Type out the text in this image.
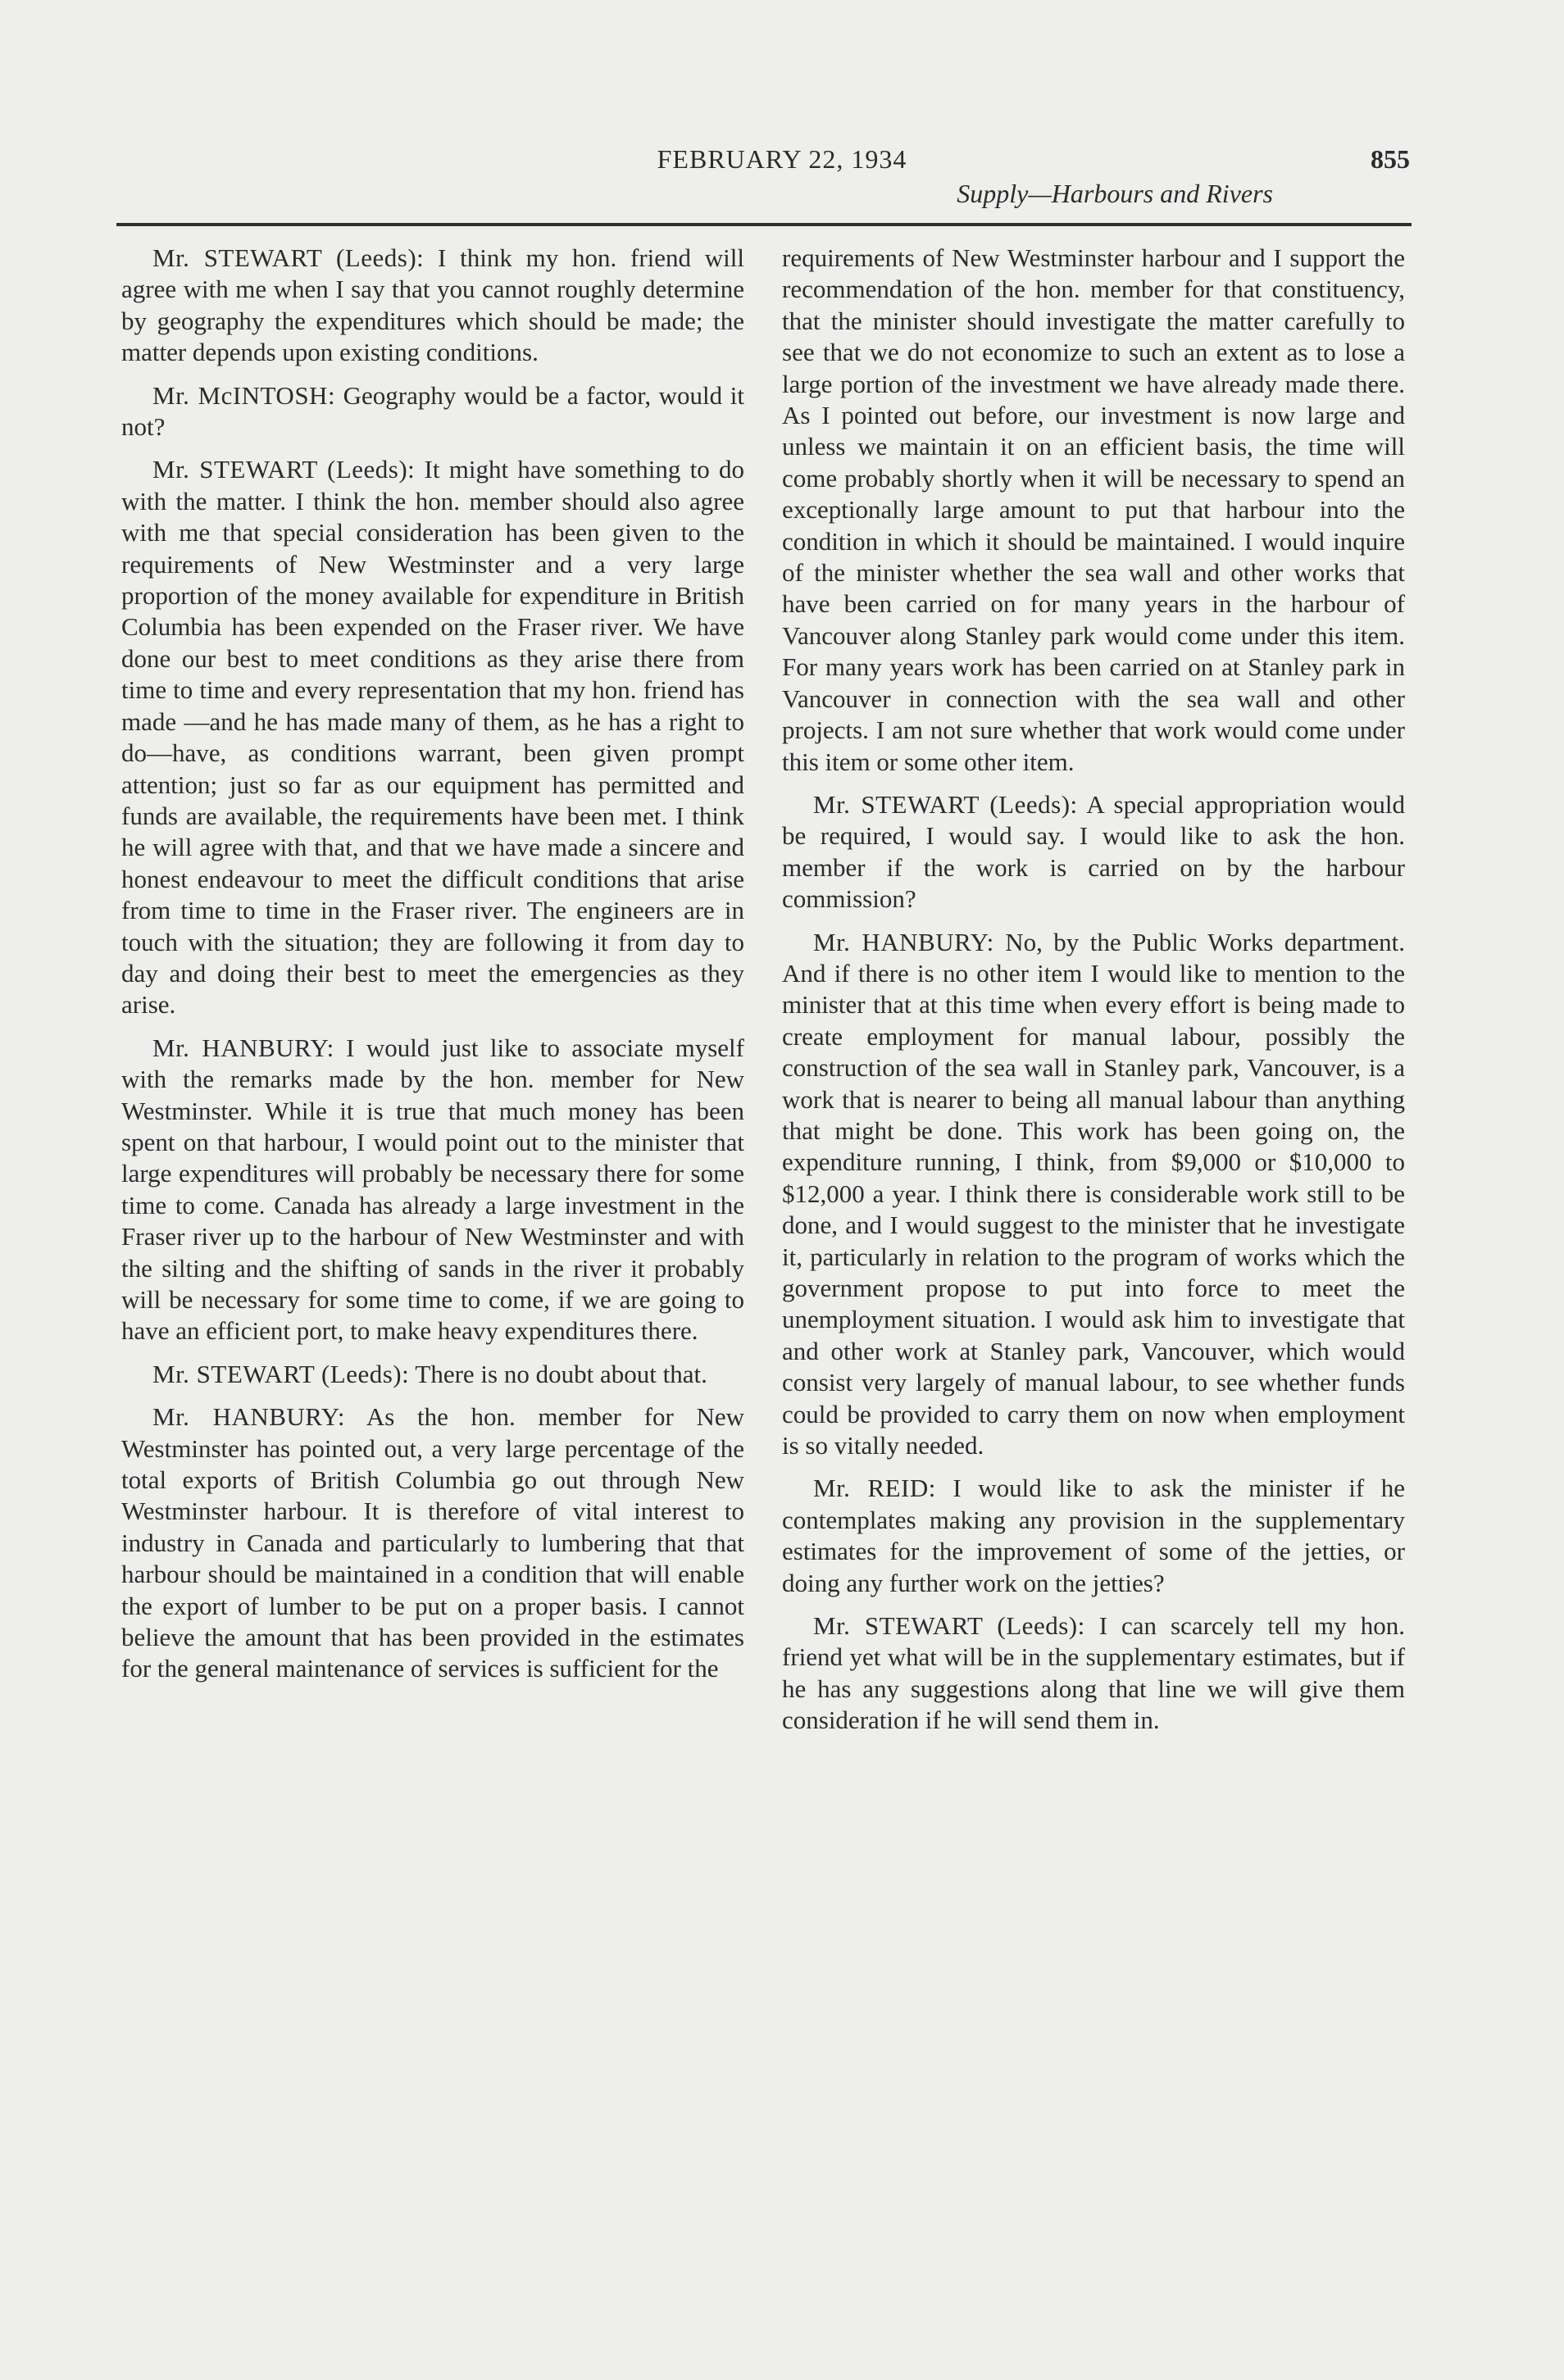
FEBRUARY 22, 1934	855
Supply—Harbours and Rivers

Mr. STEWART (Leeds): I think my hon. friend will agree with me when I say that you cannot roughly determine by geography the expenditures which should be made; the matter depends upon existing conditions.

Mr. McINTOSH: Geography would be a factor, would it not?

Mr. STEWART (Leeds): It might have something to do with the matter. I think the hon. member should also agree with me that special consideration has been given to the requirements of New Westminster and a very large proportion of the money available for expenditure in British Columbia has been expended on the Fraser river. We have done our best to meet conditions as they arise there from time to time and every representation that my hon. friend has made —and he has made many of them, as he has a right to do—have, as conditions warrant, been given prompt attention; just so far as our equipment has permitted and funds are available, the requirements have been met. I think he will agree with that, and that we have made a sincere and honest endeavour to meet the difficult conditions that arise from time to time in the Fraser river. The engineers are in touch with the situation; they are following it from day to day and doing their best to meet the emergencies as they arise.

Mr. HANBURY: I would just like to associate myself with the remarks made by the hon. member for New Westminster. While it is true that much money has been spent on that harbour, I would point out to the minister that large expenditures will probably be necessary there for some time to come. Canada has already a large investment in the Fraser river up to the harbour of New Westminster and with the silting and the shifting of sands in the river it probably will be necessary for some time to come, if we are going to have an efficient port, to make heavy expenditures there.

Mr. STEWART (Leeds): There is no doubt about that.

Mr. HANBURY: As the hon. member for New Westminster has pointed out, a very large percentage of the total exports of British Columbia go out through New Westminster harbour. It is therefore of vital interest to industry in Canada and particularly to lumbering that that harbour should be maintained in a condition that will enable the export of lumber to be put on a proper basis. I cannot believe the amount that has been provided in the estimates for the general maintenance of services is sufficient for the

requirements of New Westminster harbour and I support the recommendation of the hon. member for that constituency, that the minister should investigate the matter carefully to see that we do not economize to such an extent as to lose a large portion of the investment we have already made there. As I pointed out before, our investment is now large and unless we maintain it on an efficient basis, the time will come probably shortly when it will be necessary to spend an exceptionally large amount to put that harbour into the condition in which it should be maintained. I would inquire of the minister whether the sea wall and other works that have been carried on for many years in the harbour of Vancouver along Stanley park would come under this item. For many years work has been carried on at Stanley park in Vancouver in connection with the sea wall and other projects. I am not sure whether that work would come under this item or some other item.

Mr. STEWART (Leeds): A special appropriation would be required, I would say. I would like to ask the hon. member if the work is carried on by the harbour commission?

Mr. HANBURY: No, by the Public Works department. And if there is no other item I would like to mention to the minister that at this time when every effort is being made to create employment for manual labour, possibly the construction of the sea wall in Stanley park, Vancouver, is a work that is nearer to being all manual labour than anything that might be done. This work has been going on, the expenditure running, I think, from $9,000 or $10,000 to $12,000 a year. I think there is considerable work still to be done, and I would suggest to the minister that he investigate it, particularly in relation to the program of works which the government propose to put into force to meet the unemployment situation. I would ask him to investigate that and other work at Stanley park, Vancouver, which would consist very largely of manual labour, to see whether funds could be provided to carry them on now when employment is so vitally needed.

Mr. REID: I would like to ask the minister if he contemplates making any provision in the supplementary estimates for the improvement of some of the jetties, or doing any further work on the jetties?

Mr. STEWART (Leeds): I can scarcely tell my hon. friend yet what will be in the supplementary estimates, but if he has any suggestions along that line we will give them consideration if he will send them in.
